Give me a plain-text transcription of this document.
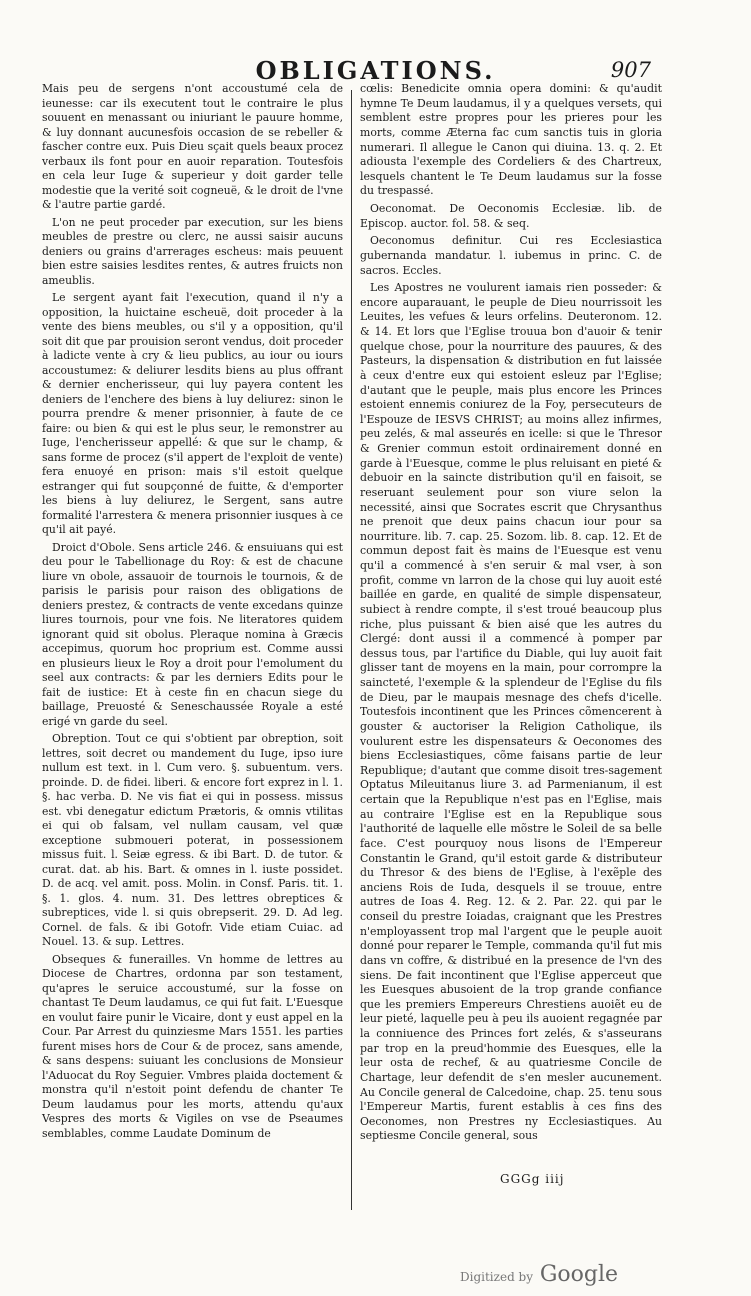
OBLIGATIONS.	907

Mais peu de sergens n'ont accoustumé cela de ieunesse: car ils executent tout le contraire le plus souuent en menassant ou iniuriant le pauure homme, & luy donnant aucunesfois occasion de se rebeller & fascher contre eux. Puis Dieu sçait quels beaux procez verbaux ils font pour en auoir reparation. Toutesfois en cela leur Iuge & superieur y doit garder telle modestie que la verité soit cogneuë, & le droit de l'vne & l'autre partie gardé.

L'on ne peut proceder par execution, sur les biens meubles de prestre ou clerc, ne aussi saisir aucuns deniers ou grains d'arrerages escheus: mais peuuent bien estre saisies lesdites rentes, & autres fruicts non ameublis.

Le sergent ayant fait l'execution, quand il n'y a opposition, la huictaine escheuë, doit proceder à la vente des biens meubles, ou s'il y a opposition, qu'il soit dit que par prouision seront vendus, doit proceder à ladicte vente à cry & lieu publics, au iour ou iours accoustumez: & deliurer lesdits biens au plus offrant & dernier encherisseur, qui luy payera content les deniers de l'enchere des biens à luy deliurez: sinon le pourra prendre & mener prisonnier, à faute de ce faire: ou bien & qui est le plus seur, le remonstrer au Iuge, l'encherisseur appellé: & que sur le champ, & sans forme de procez (s'il appert de l'exploit de vente) fera enuoyé en prison: mais s'il estoit quelque estranger qui fut soupçonné de fuitte, & d'emporter les biens à luy deliurez, le Sergent, sans autre formalité l'arrestera & menera prisonnier iusques à ce qu'il ait payé.

Droict d'Obole. Sens article 246. & ensuiuans qui est deu pour le Tabellionage du Roy: & est de chacune liure vn obole, assauoir de tournois le tournois, & de parisis le parisis pour raison des obligations de deniers prestez, & contracts de vente excedans quinze liures tournois, pour vne fois. Ne literatores quidem ignorant quid sit obolus. Pleraque nomina à Græcis accepimus, quorum hoc proprium est. Comme aussi en plusieurs lieux le Roy a droit pour l'emolument du seel aux contracts: & par les derniers Edits pour le fait de iustice: Et à ceste fin en chacun siege du baillage, Preuosté & Seneschaussée Royale a esté erigé vn garde du seel.

Obreption. Tout ce qui s'obtient par obreption, soit lettres, soit decret ou mandement du Iuge, ipso iure nullum est text. in l. Cum vero. §. subuentum. vers. proinde. D. de fidei. liberi. & encore fort exprez in l. 1. §. hac verba. D. Ne vis fiat ei qui in possess. missus est. vbi denegatur edictum Prætoris, & omnis vtilitas ei qui ob falsam, vel nullam causam, vel quæ exceptione submoueri poterat, in possessionem missus fuit. l. Seiæ egress. & ibi Bart. D. de tutor. & curat. dat. ab his. Bart. & omnes in l. iuste possidet. D. de acq. vel amit. poss. Molin. in Consf. Paris. tit. 1. §. 1. glos. 4. num. 31. Des lettres obreptices & subreptices, vide l. si quis obrepserit. 29. D. Ad leg. Cornel. de fals. & ibi Gotofr. Vide etiam Cuiac. ad Nouel. 13. & sup. Lettres.

Obseques & funerailles. Vn homme de lettres au Diocese de Chartres, ordonna par son testament, qu'apres le seruice accoustumé, sur la fosse on chantast Te Deum laudamus, ce qui fut fait. L'Euesque en voulut faire punir le Vicaire, dont y eust appel en la Cour. Par Arrest du quinziesme Mars 1551. les parties furent mises hors de Cour & de procez, sans amende, & sans despens: suiuant les conclusions de Monsieur l'Aduocat du Roy Seguier. Vmbres plaida doctement & monstra qu'il n'estoit point defendu de chanter Te Deum laudamus pour les morts, attendu qu'aux Vespres des morts & Vigiles on vse de Pseaumes semblables, comme Laudate Dominum de

cœlis: Benedicite omnia opera domini: & qu'audit hymne Te Deum laudamus, il y a quelques versets, qui semblent estre propres pour les prieres pour les morts, comme Æterna fac cum sanctis tuis in gloria numerari. Il allegue le Canon qui diuina. 13. q. 2. Et adiousta l'exemple des Cordeliers & des Chartreux, lesquels chantent le Te Deum laudamus sur la fosse du trespassé.

Oeconomat. De Oeconomis Ecclesiæ. lib. de Episcop. auctor. fol. 58. & seq.

Oeconomus definitur. Cui res Ecclesiastica gubernanda mandatur. l. iubemus in princ. C. de sacros. Eccles.

Les Apostres ne voulurent iamais rien posseder: & encore auparauant, le peuple de Dieu nourrissoit les Leuites, les vefues & leurs orfelins. Deuteronom. 12. & 14. Et lors que l'Eglise trouua bon d'auoir & tenir quelque chose, pour la nourriture des pauures, & des Pasteurs, la dispensation & distribution en fut laissée à ceux d'entre eux qui estoient esleuz par l'Eglise; d'autant que le peuple, mais plus encore les Princes estoient ennemis coniurez de la Foy, persecuteurs de l'Espouze de IESVS CHRIST; au moins allez infirmes, peu zelés, & mal asseurés en icelle: si que le Thresor & Grenier commun estoit ordinairement donné en garde à l'Euesque, comme le plus reluisant en pieté & debuoir en la saincte distribution qu'il en faisoit, se reseruant seulement pour son viure selon la necessité, ainsi que Socrates escrit que Chrysanthus ne prenoit que deux pains chacun iour pour sa nourriture. lib. 7. cap. 25. Sozom. lib. 8. cap. 12. Et de commun depost fait ès mains de l'Euesque est venu qu'il a commencé à s'en seruir & mal vser, à son profit, comme vn larron de la chose qui luy auoit esté baillée en garde, en qualité de simple dispensateur, subiect à rendre compte, il s'est troué beaucoup plus riche, plus puissant & bien aisé que les autres du Clergé: dont aussi il a commencé à pomper par dessus tous, par l'artifice du Diable, qui luy auoit fait glisser tant de moyens en la main, pour corrompre la saincteté, l'exemple & la splendeur de l'Eglise du fils de Dieu, par le maupais mesnage des chefs d'icelle. Toutesfois incontinent que les Princes cõmencerent à gouster & auctoriser la Religion Catholique, ils voulurent estre les dispensateurs & Oeconomes des biens Ecclesiastiques, cõme faisans partie de leur Republique; d'autant que comme disoit tres-sagement Optatus Mileuitanus liure 3. ad Parmenianum, il est certain que la Republique n'est pas en l'Eglise, mais au contraire l'Eglise est en la Republique sous l'authorité de laquelle elle mõstre le Soleil de sa belle face. C'est pourquoy nous lisons de l'Empereur Constantin le Grand, qu'il estoit garde & distributeur du Thresor & des biens de l'Eglise, à l'exẽple des anciens Rois de Iuda, desquels il se trouue, entre autres de Ioas 4. Reg. 12. & 2. Par. 22. qui par le conseil du prestre Ioiadas, craignant que les Prestres n'employassent trop mal l'argent que le peuple auoit donné pour reparer le Temple, commanda qu'il fut mis dans vn coffre, & distribué en la presence de l'vn des siens. De fait incontinent que l'Eglise apperceut que les Euesques abusoient de la trop grande confiance que les premiers Empereurs Chrestiens auoiẽt eu de leur pieté, laquelle peu à peu ils auoient regagnée par la conniuence des Princes fort zelés, & s'asseurans par trop en la preud'hommie des Euesques, elle la leur osta de rechef, & au quatriesme Concile de Chartage, leur defendit de s'en mesler aucunement. Au Concile general de Calcedoine, chap. 25. tenu sous l'Empereur Martis, furent establis à ces fins des Oeconomes, non Prestres ny Ecclesiastiques. Au septiesme Concile general, sous

GGGg iiij
Digitized by Google
